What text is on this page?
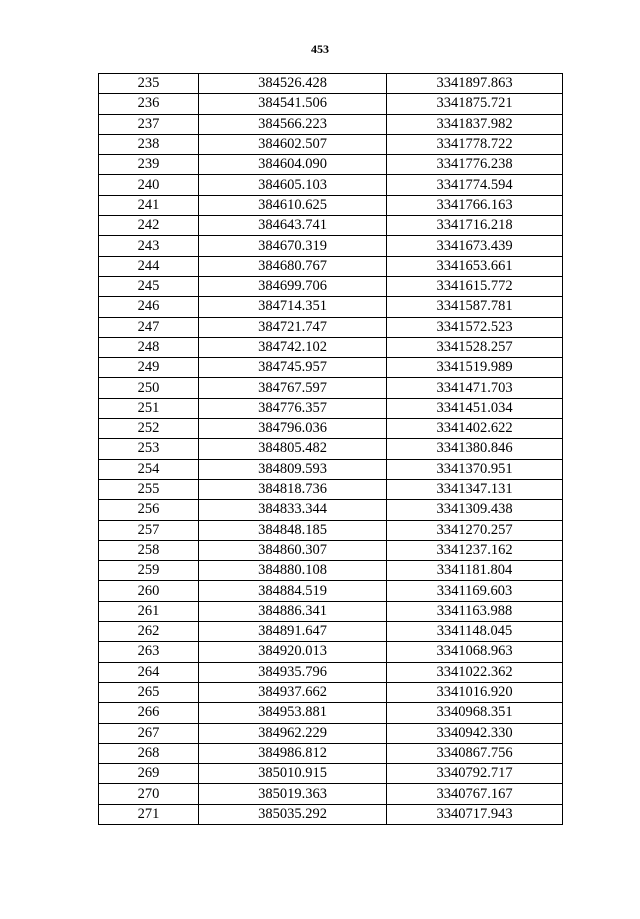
453
235	384526.428	3341897.863
236	384541.506	3341875.721
237	384566.223	3341837.982
238	384602.507	3341778.722
239	384604.090	3341776.238
240	384605.103	3341774.594
241	384610.625	3341766.163
242	384643.741	3341716.218
243	384670.319	3341673.439
244	384680.767	3341653.661
245	384699.706	3341615.772
246	384714.351	3341587.781
247	384721.747	3341572.523
248	384742.102	3341528.257
249	384745.957	3341519.989
250	384767.597	3341471.703
251	384776.357	3341451.034
252	384796.036	3341402.622
253	384805.482	3341380.846
254	384809.593	3341370.951
255	384818.736	3341347.131
256	384833.344	3341309.438
257	384848.185	3341270.257
258	384860.307	3341237.162
259	384880.108	3341181.804
260	384884.519	3341169.603
261	384886.341	3341163.988
262	384891.647	3341148.045
263	384920.013	3341068.963
264	384935.796	3341022.362
265	384937.662	3341016.920
266	384953.881	3340968.351
267	384962.229	3340942.330
268	384986.812	3340867.756
269	385010.915	3340792.717
270	385019.363	3340767.167
271	385035.292	3340717.943
